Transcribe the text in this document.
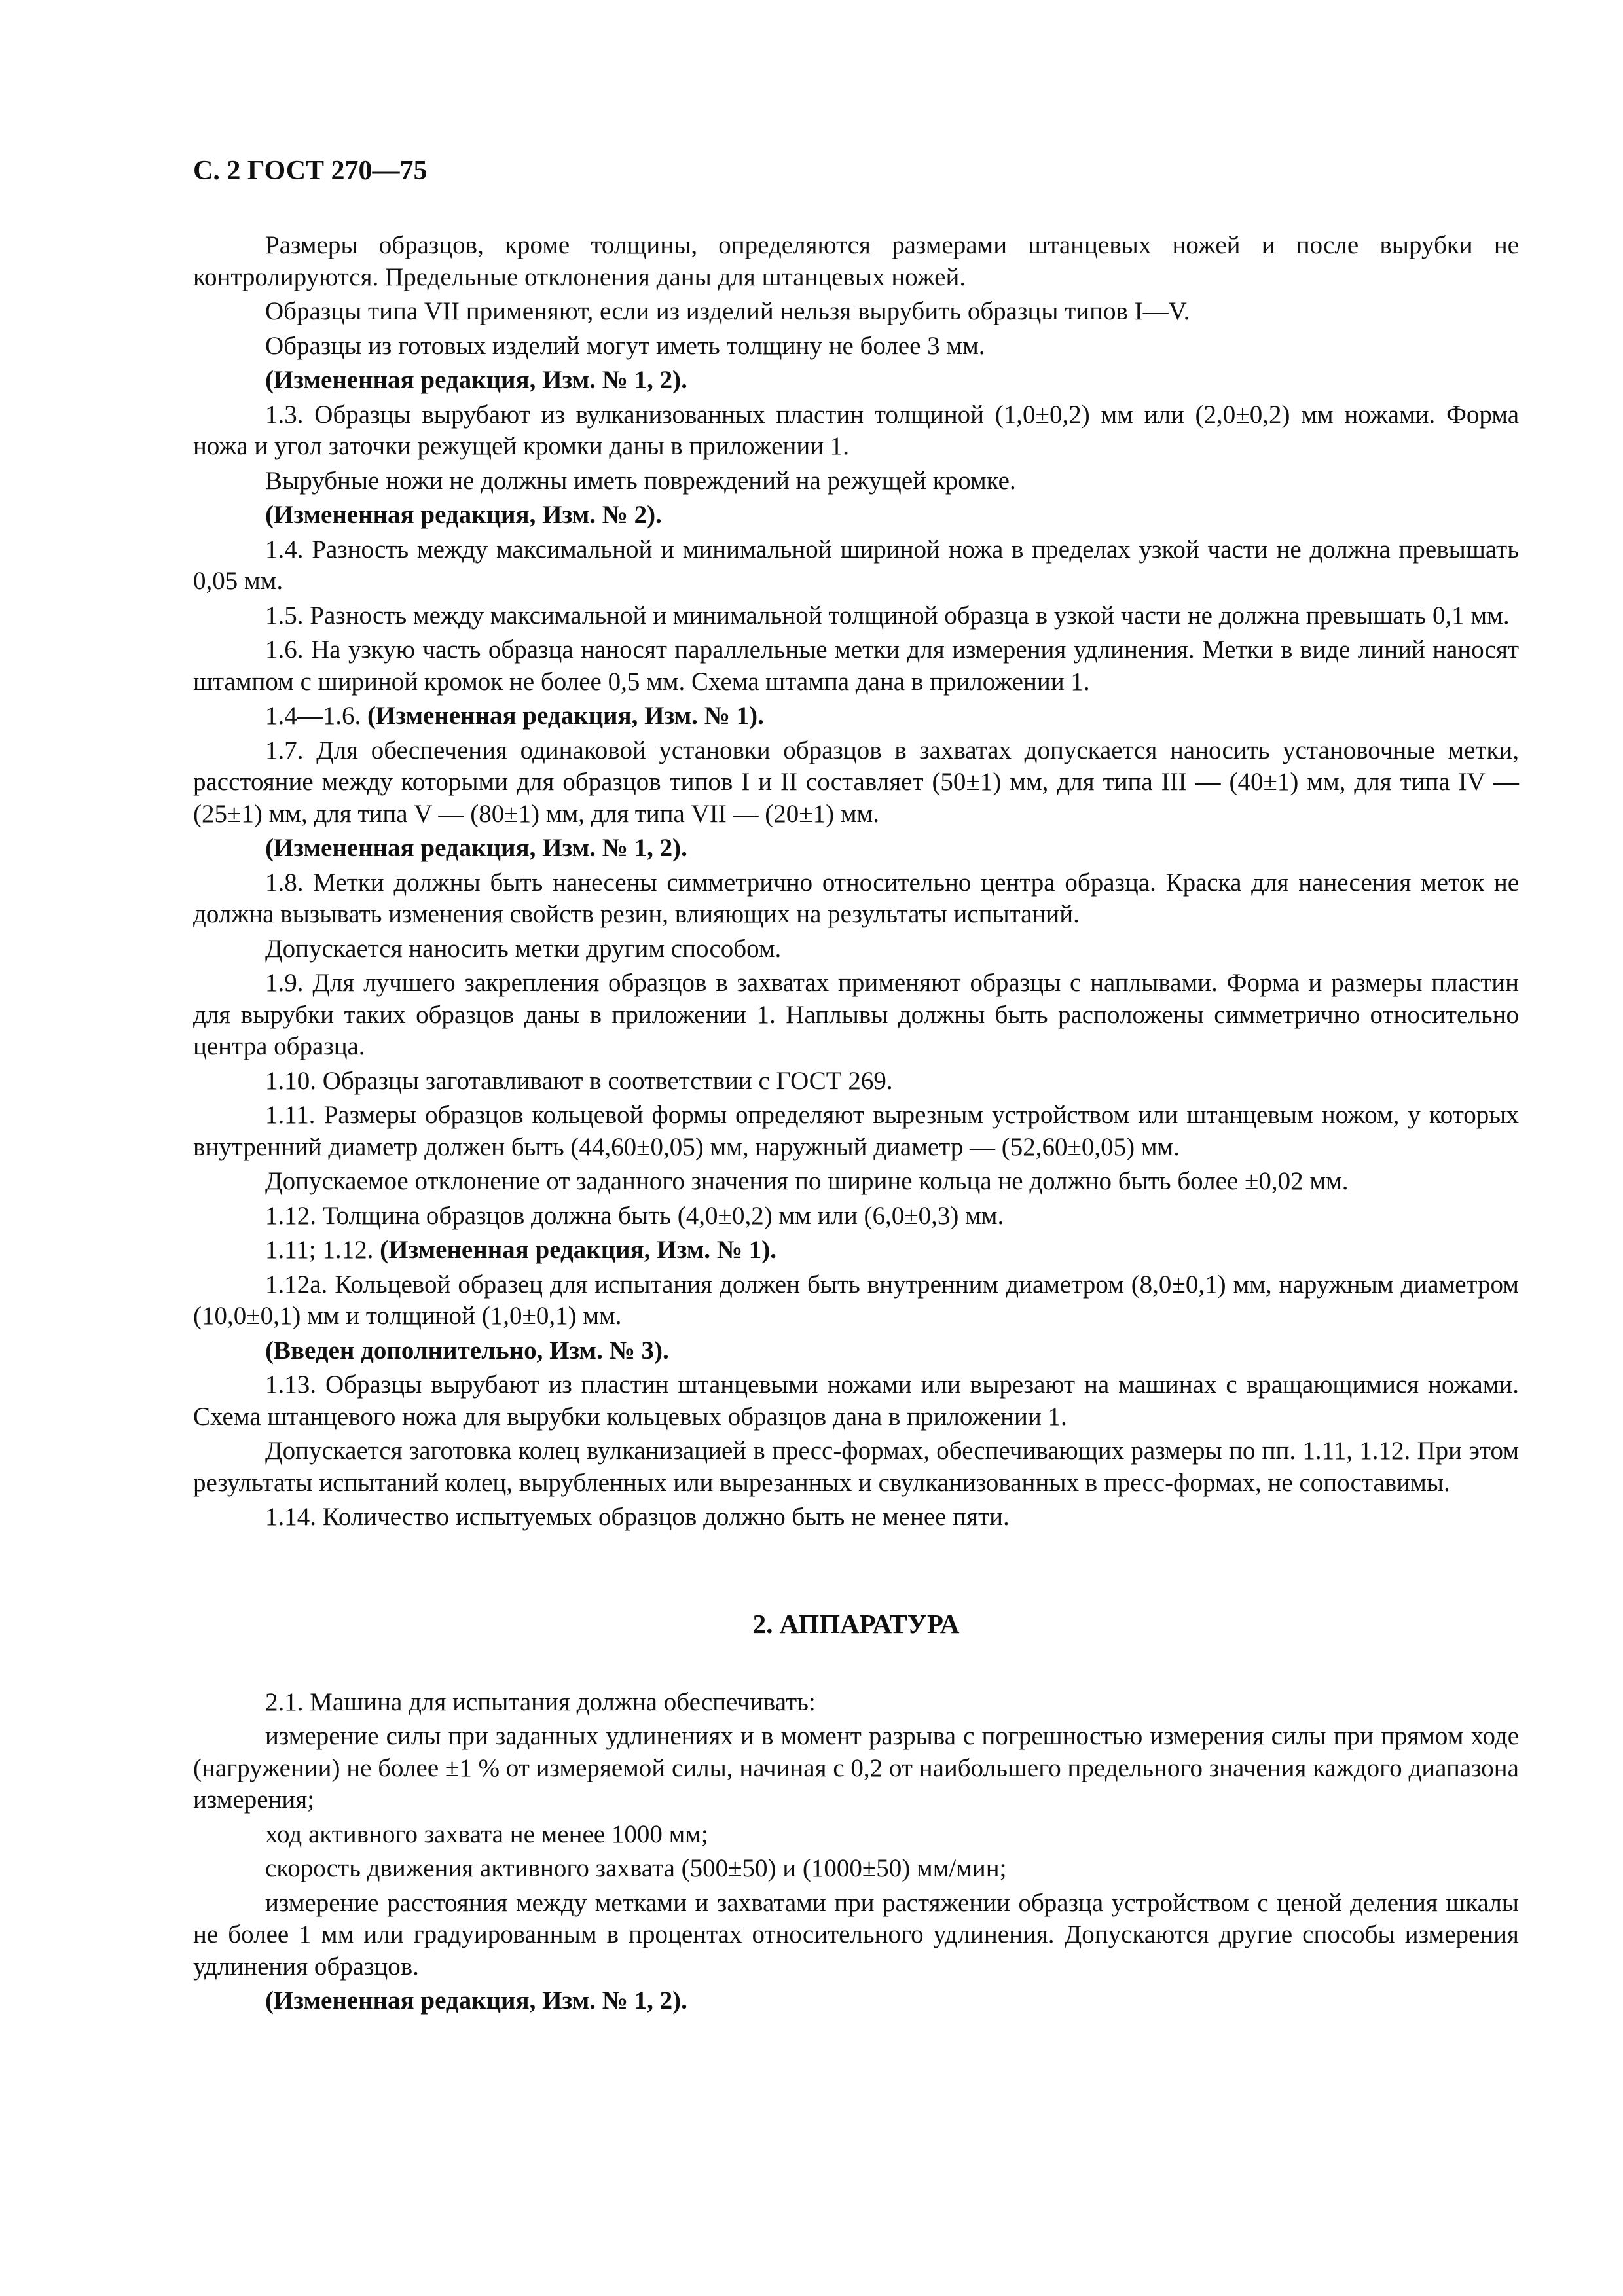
С. 2 ГОСТ 270—75

Размеры образцов, кроме толщины, определяются размерами штанцевых ножей и после вырубки не контролируются. Предельные отклонения даны для штанцевых ножей.

Образцы типа VII применяют, если из изделий нельзя вырубить образцы типов I—V.

Образцы из готовых изделий могут иметь толщину не более 3 мм.

(Измененная редакция, Изм. № 1, 2).

1.3. Образцы вырубают из вулканизованных пластин толщиной (1,0±0,2) мм или (2,0±0,2) мм ножами. Форма ножа и угол заточки режущей кромки даны в приложении 1.

Вырубные ножи не должны иметь повреждений на режущей кромке.

(Измененная редакция, Изм. № 2).

1.4. Разность между максимальной и минимальной шириной ножа в пределах узкой части не должна превышать 0,05 мм.

1.5. Разность между максимальной и минимальной толщиной образца в узкой части не должна превышать 0,1 мм.

1.6. На узкую часть образца наносят параллельные метки для измерения удлинения. Метки в виде линий наносят штампом с шириной кромок не более 0,5 мм. Схема штампа дана в приложении 1.

1.4—1.6. (Измененная редакция, Изм. № 1).

1.7. Для обеспечения одинаковой установки образцов в захватах допускается наносить установочные метки, расстояние между которыми для образцов типов I и II составляет (50±1) мм, для типа III — (40±1) мм, для типа IV — (25±1) мм, для типа V — (80±1) мм, для типа VII — (20±1) мм.

(Измененная редакция, Изм. № 1, 2).

1.8. Метки должны быть нанесены симметрично относительно центра образца. Краска для нанесения меток не должна вызывать изменения свойств резин, влияющих на результаты испытаний.

Допускается наносить метки другим способом.

1.9. Для лучшего закрепления образцов в захватах применяют образцы с наплывами. Форма и размеры пластин для вырубки таких образцов даны в приложении 1. Наплывы должны быть расположены симметрично относительно центра образца.

1.10. Образцы заготавливают в соответствии с ГОСТ 269.

1.11. Размеры образцов кольцевой формы определяют вырезным устройством или штанцевым ножом, у которых внутренний диаметр должен быть (44,60±0,05) мм, наружный диаметр — (52,60±0,05) мм.

Допускаемое отклонение от заданного значения по ширине кольца не должно быть более ±0,02 мм.

1.12. Толщина образцов должна быть (4,0±0,2) мм или (6,0±0,3) мм.

1.11; 1.12. (Измененная редакция, Изм. № 1).

1.12а. Кольцевой образец для испытания должен быть внутренним диаметром (8,0±0,1) мм, наружным диаметром (10,0±0,1) мм и толщиной (1,0±0,1) мм.

(Введен дополнительно, Изм. № 3).

1.13. Образцы вырубают из пластин штанцевыми ножами или вырезают на машинах с вращающимися ножами. Схема штанцевого ножа для вырубки кольцевых образцов дана в приложении 1.

Допускается заготовка колец вулканизацией в пресс-формах, обеспечивающих размеры по пп. 1.11, 1.12. При этом результаты испытаний колец, вырубленных или вырезанных и свулканизованных в пресс-формах, не сопоставимы.

1.14. Количество испытуемых образцов должно быть не менее пяти.

2. АППАРАТУРА

2.1. Машина для испытания должна обеспечивать:

измерение силы при заданных удлинениях и в момент разрыва с погрешностью измерения силы при прямом ходе (нагружении) не более ±1 % от измеряемой силы, начиная с 0,2 от наибольшего предельного значения каждого диапазона измерения;

ход активного захвата не менее 1000 мм;

скорость движения активного захвата (500±50) и (1000±50) мм/мин;

измерение расстояния между метками и захватами при растяжении образца устройством с ценой деления шкалы не более 1 мм или градуированным в процентах относительного удлинения. Допускаются другие способы измерения удлинения образцов.

(Измененная редакция, Изм. № 1, 2).
